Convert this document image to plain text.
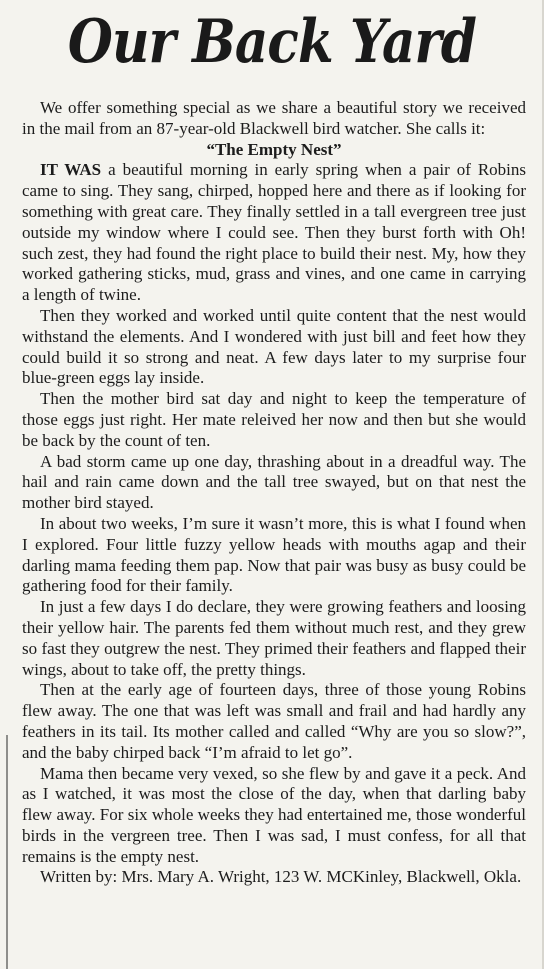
Our Back Yard

We offer something special as we share a beautiful story we received in the mail from an 87-year-old Blackwell bird watcher. She calls it:

“The Empty Nest”

IT WAS a beautiful morning in early spring when a pair of Robins came to sing. They sang, chirped, hopped here and there as if looking for something with great care. They finally settled in a tall evergreen tree just outside my window where I could see. Then they burst forth with Oh! such zest, they had found the right place to build their nest. My, how they worked gathering sticks, mud, grass and vines, and one came in carrying a length of twine.

Then they worked and worked until quite content that the nest would withstand the elements. And I wondered with just bill and feet how they could build it so strong and neat. A few days later to my surprise four blue-green eggs lay inside.

Then the mother bird sat day and night to keep the temperature of those eggs just right. Her mate releived her now and then but she would be back by the count of ten.

A bad storm came up one day, thrashing about in a dreadful way. The hail and rain came down and the tall tree swayed, but on that nest the mother bird stayed.

In about two weeks, I’m sure it wasn’t more, this is what I found when I explored. Four little fuzzy yellow heads with mouths agap and their darling mama feeding them pap. Now that pair was busy as busy could be gathering food for their family.

In just a few days I do declare, they were growing feathers and loosing their yellow hair. The parents fed them without much rest, and they grew so fast they outgrew the nest. They primed their feathers and flapped their wings, about to take off, the pretty things.

Then at the early age of fourteen days, three of those young Robins flew away. The one that was left was small and frail and had hardly any feathers in its tail. Its mother called and called “Why are you so slow?”, and the baby chirped back “I’m afraid to let go”.

Mama then became very vexed, so she flew by and gave it a peck. And as I watched, it was most the close of the day, when that darling baby flew away. For six whole weeks they had entertained me, those wonderful birds in the vergreen tree. Then I was sad, I must confess, for all that remains is the empty nest.

Written by: Mrs. Mary A. Wright, 123 W. MCKinley, Blackwell, Okla.
